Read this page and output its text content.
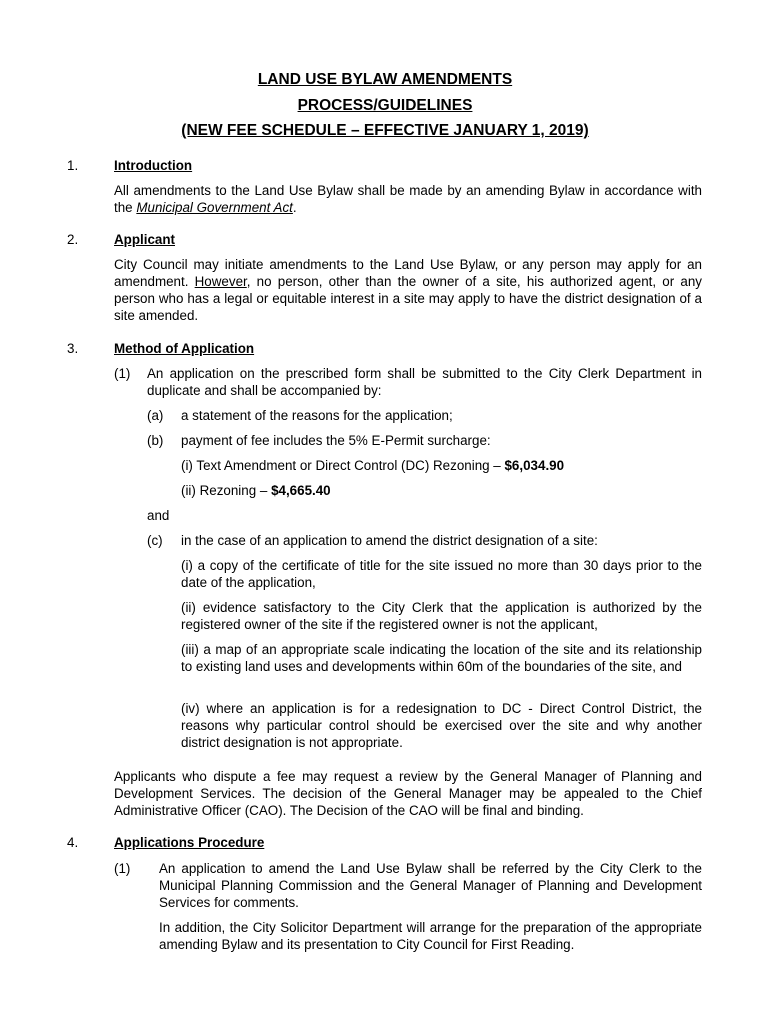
LAND USE BYLAW AMENDMENTS
PROCESS/GUIDELINES
(NEW FEE SCHEDULE – EFFECTIVE JANUARY 1, 2019)
1.	Introduction
All amendments to the Land Use Bylaw shall be made by an amending Bylaw in accordance with the Municipal Government Act.
2.	Applicant
City Council may initiate amendments to the Land Use Bylaw, or any person may apply for an amendment. However, no person, other than the owner of a site, his authorized agent, or any person who has a legal or equitable interest in a site may apply to have the district designation of a site amended.
3.	Method of Application
(1) An application on the prescribed form shall be submitted to the City Clerk Department in duplicate and shall be accompanied by:
(a) a statement of the reasons for the application;
(b) payment of fee includes the 5% E-Permit surcharge:
(i) Text Amendment or Direct Control (DC) Rezoning – $6,034.90
(ii) Rezoning – $4,665.40
and
(c) in the case of an application to amend the district designation of a site:
(i) a copy of the certificate of title for the site issued no more than 30 days prior to the date of the application,
(ii) evidence satisfactory to the City Clerk that the application is authorized by the registered owner of the site if the registered owner is not the applicant,
(iii) a map of an appropriate scale indicating the location of the site and its relationship to existing land uses and developments within 60m of the boundaries of the site, and
(iv) where an application is for a redesignation to DC - Direct Control District, the reasons why particular control should be exercised over the site and why another district designation is not appropriate.
Applicants who dispute a fee may request a review by the General Manager of Planning and Development Services. The decision of the General Manager may be appealed to the Chief Administrative Officer (CAO). The Decision of the CAO will be final and binding.
4.	Applications Procedure
(1) An application to amend the Land Use Bylaw shall be referred by the City Clerk to the Municipal Planning Commission and the General Manager of Planning and Development Services for comments.
In addition, the City Solicitor Department will arrange for the preparation of the appropriate amending Bylaw and its presentation to City Council for First Reading.
